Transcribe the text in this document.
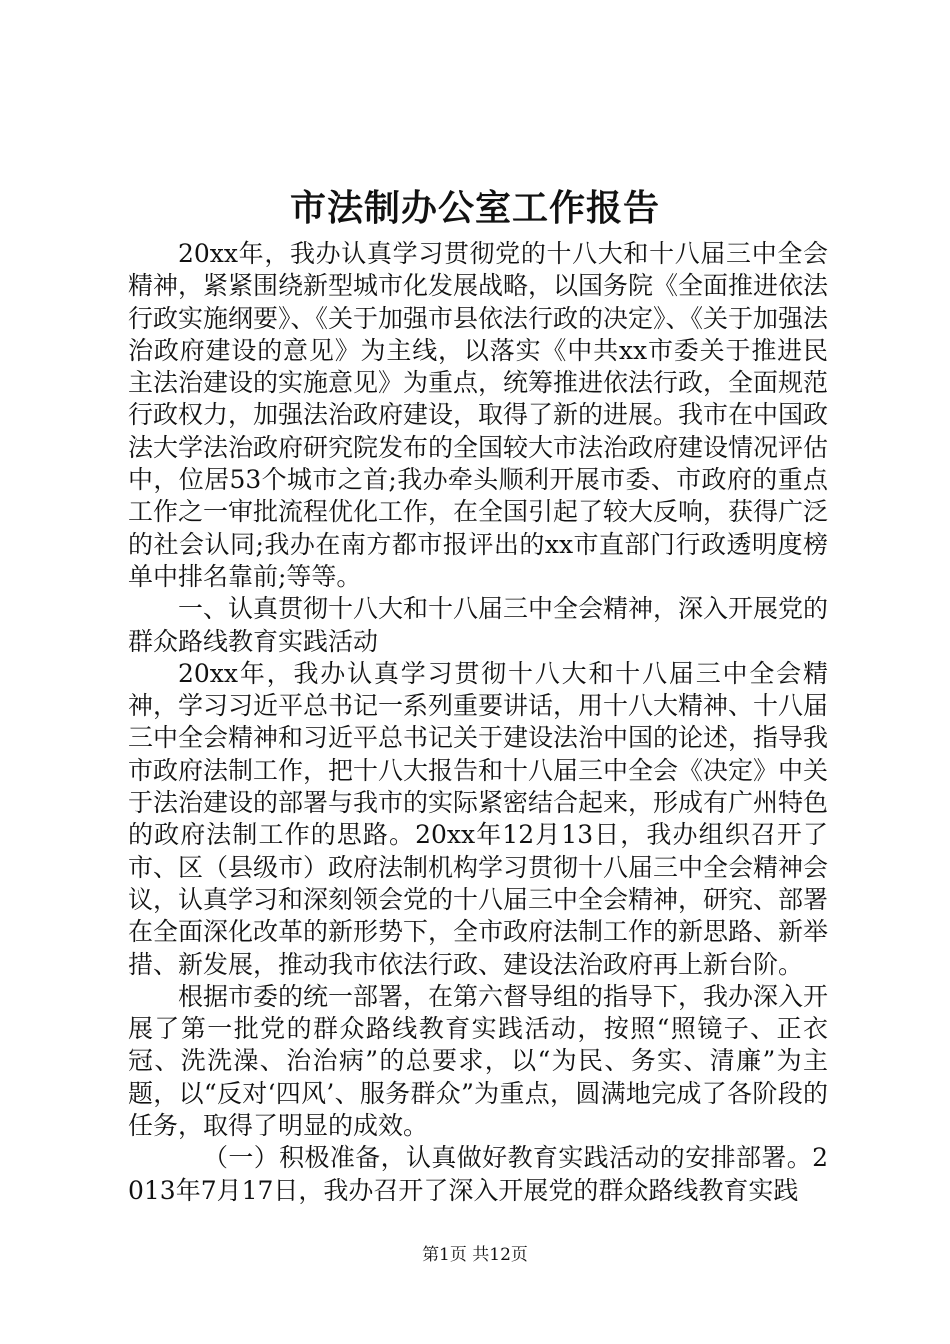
市法制办公室工作报告

20xx年，我办认真学习贯彻党的十八大和十八届三中全会精神，紧紧围绕新型城市化发展战略，以国务院《全面推进依法行政实施纲要》、《关于加强市县依法行政的决定》、《关于加强法治政府建设的意见》为主线，以落实《中共xx市委关于推进民主法治建设的实施意见》为重点，统筹推进依法行政，全面规范行政权力，加强法治政府建设，取得了新的进展。我市在中国政法大学法治政府研究院发布的全国较大市法治政府建设情况评估中，位居53个城市之首;我办牵头顺利开展市委、市政府的重点工作之一审批流程优化工作，在全国引起了较大反响，获得广泛的社会认同;我办在南方都市报评出的xx市直部门行政透明度榜单中排名靠前;等等。

一、认真贯彻十八大和十八届三中全会精神，深入开展党的群众路线教育实践活动

20xx年，我办认真学习贯彻十八大和十八届三中全会精神，学习习近平总书记一系列重要讲话，用十八大精神、十八届三中全会精神和习近平总书记关于建设法治中国的论述，指导我市政府法制工作，把十八大报告和十八届三中全会《决定》中关于法治建设的部署与我市的实际紧密结合起来，形成有广州特色的政府法制工作的思路。20xx年12月13日，我办组织召开了市、区（县级市）政府法制机构学习贯彻十八届三中全会精神会议，认真学习和深刻领会党的十八届三中全会精神，研究、部署在全面深化改革的新形势下，全市政府法制工作的新思路、新举措、新发展，推动我市依法行政、建设法治政府再上新台阶。

根据市委的统一部署，在第六督导组的指导下，我办深入开展了第一批党的群众路线教育实践活动，按照“照镜子、正衣冠、洗洗澡、治治病”的总要求，以“为民、务实、清廉”为主题，以“反对‘四风’、服务群众”为重点，圆满地完成了各阶段的任务，取得了明显的成效。

（一）积极准备，认真做好教育实践活动的安排部署。2013年7月17日，我办召开了深入开展党的群众路线教育实践

第1页 共12页
